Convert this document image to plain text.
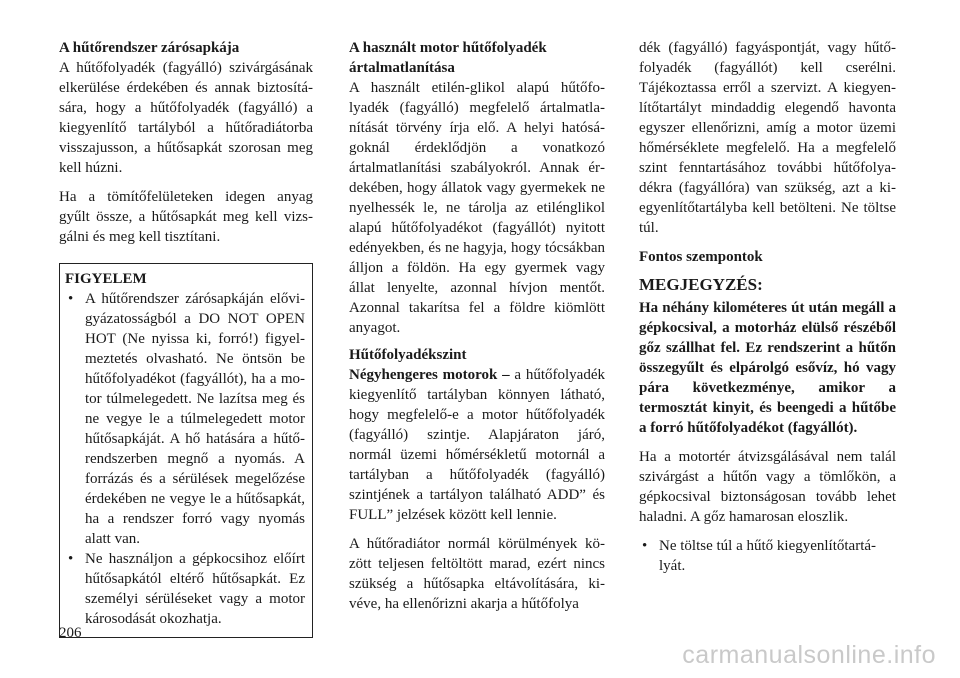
A hűtőrendszer zárósapkája

A hűtőfolyadék (fagyálló) szivárgásának elkerülése érdekében és annak biztosítására, hogy a hűtőfolyadék (fagyálló) a kiegyenlítő tartályból a hűtőradiátorba visszajusson, a hűtősapkát szorosan meg kell húzni.

Ha a tömítőfelületeken idegen anyag gyűlt össze, a hűtősapkát meg kell vizsgálni és meg kell tisztítani.

FIGYELEM
• A hűtőrendszer zárósapkáján elővigyázatosságból a DO NOT OPEN HOT (Ne nyissa ki, forró!) figyelmeztetés olvasható. Ne öntsön be hűtőfolyadékot (fagyállót), ha a motor túlmelegedett. Ne lazítsa meg és ne vegye le a túlmelegedett motor hűtősapkáját. A hő hatására a hűtőrendszerben megnő a nyomás. A forrázás és a sérülések megelőzése érdekében ne vegye le a hűtősapkát, ha a rendszer forró vagy nyomás alatt van.
• Ne használjon a gépkocsihoz előírt hűtősapkától eltérő hűtősapkát. Ez személyi sérüléseket vagy a motor károsodását okozhatja.
A használt motor hűtőfolyadék ártalmatlanítása

A használt etilén-glikol alapú hűtőfolyadék (fagyálló) megfelelő ártalmatlanítását törvény írja elő. A helyi hatóságoknál érdeklődjön a vonatkozó ártalmatlanítási szabályokról. Annak érdekében, hogy állatok vagy gyermekek ne nyelhessék le, ne tárolja az etilénglikol alapú hűtőfolyadékot (fagyállót) nyitott edényekben, és ne hagyja, hogy tócsákban álljon a földön. Ha egy gyermek vagy állat lenyelte, azonnal hívjon mentőt. Azonnal takarítsa fel a földre kiömlött anyagot.

Hűtőfolyadékszint

Négyhengeres motorok – a hűtőfolyadék kiegyenlítő tartályban könnyen látható, hogy megfelelő-e a motor hűtőfolyadék (fagyálló) szintje. Alapjáraton járó, normál üzemi hőmérsékletű motornál a tartályban a hűtőfolyadék (fagyálló) szintjének a tartályon található ADD” és FULL” jelzések között kell lennie.

A hűtőradiátor normál körülmények között teljesen feltöltött marad, ezért nincs szükség a hűtősapka eltávolítására, kivéve, ha ellenőrizni akarja a hűtőfolya

dék (fagyálló) fagyáspontját, vagy hűtőfolyadék (fagyállót) kell cserélni. Tájékoztassa erről a szervizt. A kiegyenlítőtartályt mindaddig elegendő havonta egyszer ellenőrizni, amíg a motor üzemi hőmérséklete megfelelő. Ha a megfelelő szint fenntartásához további hűtőfolyadékra (fagyállóra) van szükség, azt a kiegyenlítőtartályba kell betölteni. Ne töltse túl.

Fontos szempontok
MEGJEGYZÉS:

Ha néhány kilométeres út után megáll a gépkocsival, a motorház elülső részéből gőz szállhat fel. Ez rendszerint a hűtőn összegyűlt és elpárolgó esővíz, hó vagy pára következménye, amikor a termosztát kinyit, és beengedi a hűtőbe a forró hűtőfolyadékot (fagyállót).

Ha a motortér átvizsgálásával nem talál szivárgást a hűtőn vagy a tömlőkön, a gépkocsival biztonságosan tovább lehet haladni. A gőz hamarosan eloszlik.

• Ne töltse túl a hűtő kiegyenlítőtartályát.
206
carmanualsonline.info
